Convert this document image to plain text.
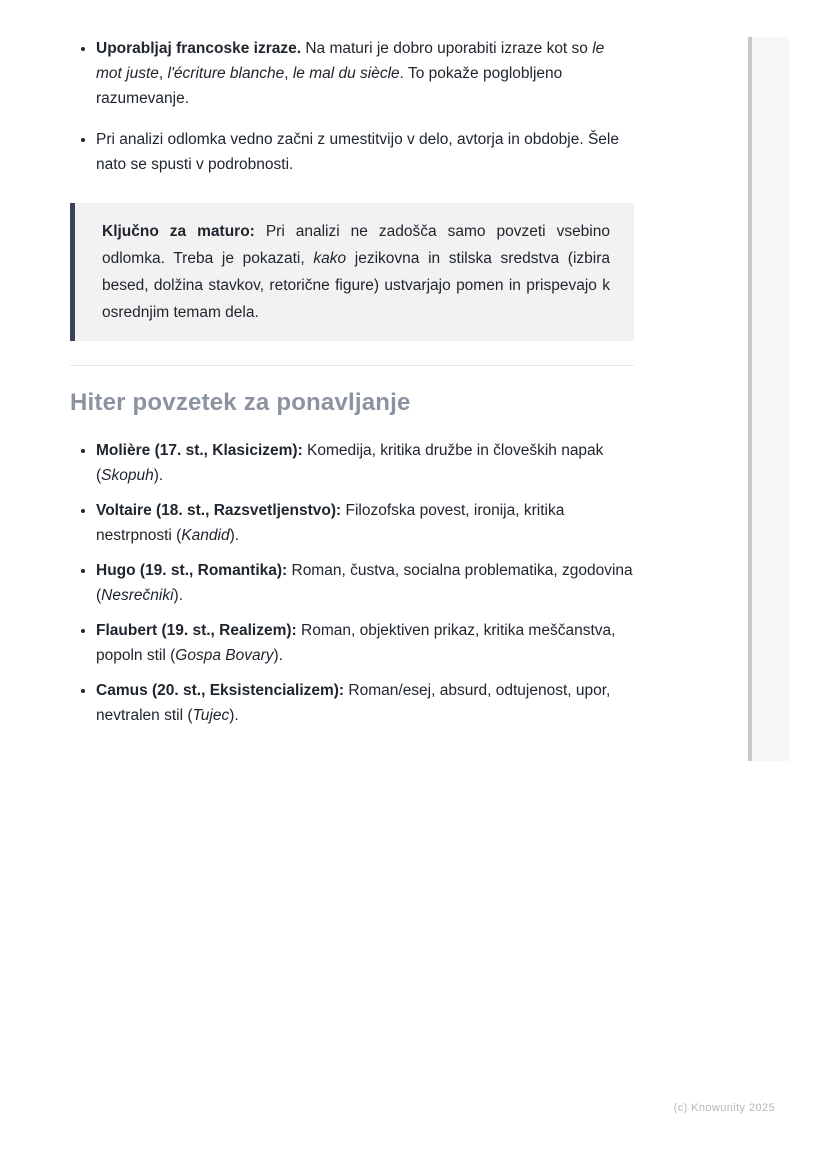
• Uporabljaj francoske izraze. Na maturi je dobro uporabiti izraze kot so le mot juste, l'écriture blanche, le mal du siècle. To pokaže poglobljeno razumevanje.
• Pri analizi odlomka vedno začni z umestitvijo v delo, avtorja in obdobje. Šele nato se spusti v podrobnosti.

Ključno za maturo: Pri analizi ne zadošča samo povzeti vsebino odlomka. Treba je pokazati, kako jezikovna in stilska sredstva (izbira besed, dolžina stavkov, retorične figure) ustvarjajo pomen in prispevajo k osrednjim temam dela.

Hiter povzetek za ponavljanje
• Molière (17. st., Klasicizem): Komedija, kritika družbe in človeških napak (Skopuh).
• Voltaire (18. st., Razsvetljenstvo): Filozofska povest, ironija, kritika nestrpnosti (Kandid).
• Hugo (19. st., Romantika): Roman, čustva, socialna problematika, zgodovina (Nesrečniki).
• Flaubert (19. st., Realizem): Roman, objektiven prikaz, kritika meščanstva, popoln stil (Gospa Bovary).
• Camus (20. st., Eksistencializem): Roman/esej, absurd, odtujenost, upor, nevtralen stil (Tujec).
(c) Knowunity 2025
